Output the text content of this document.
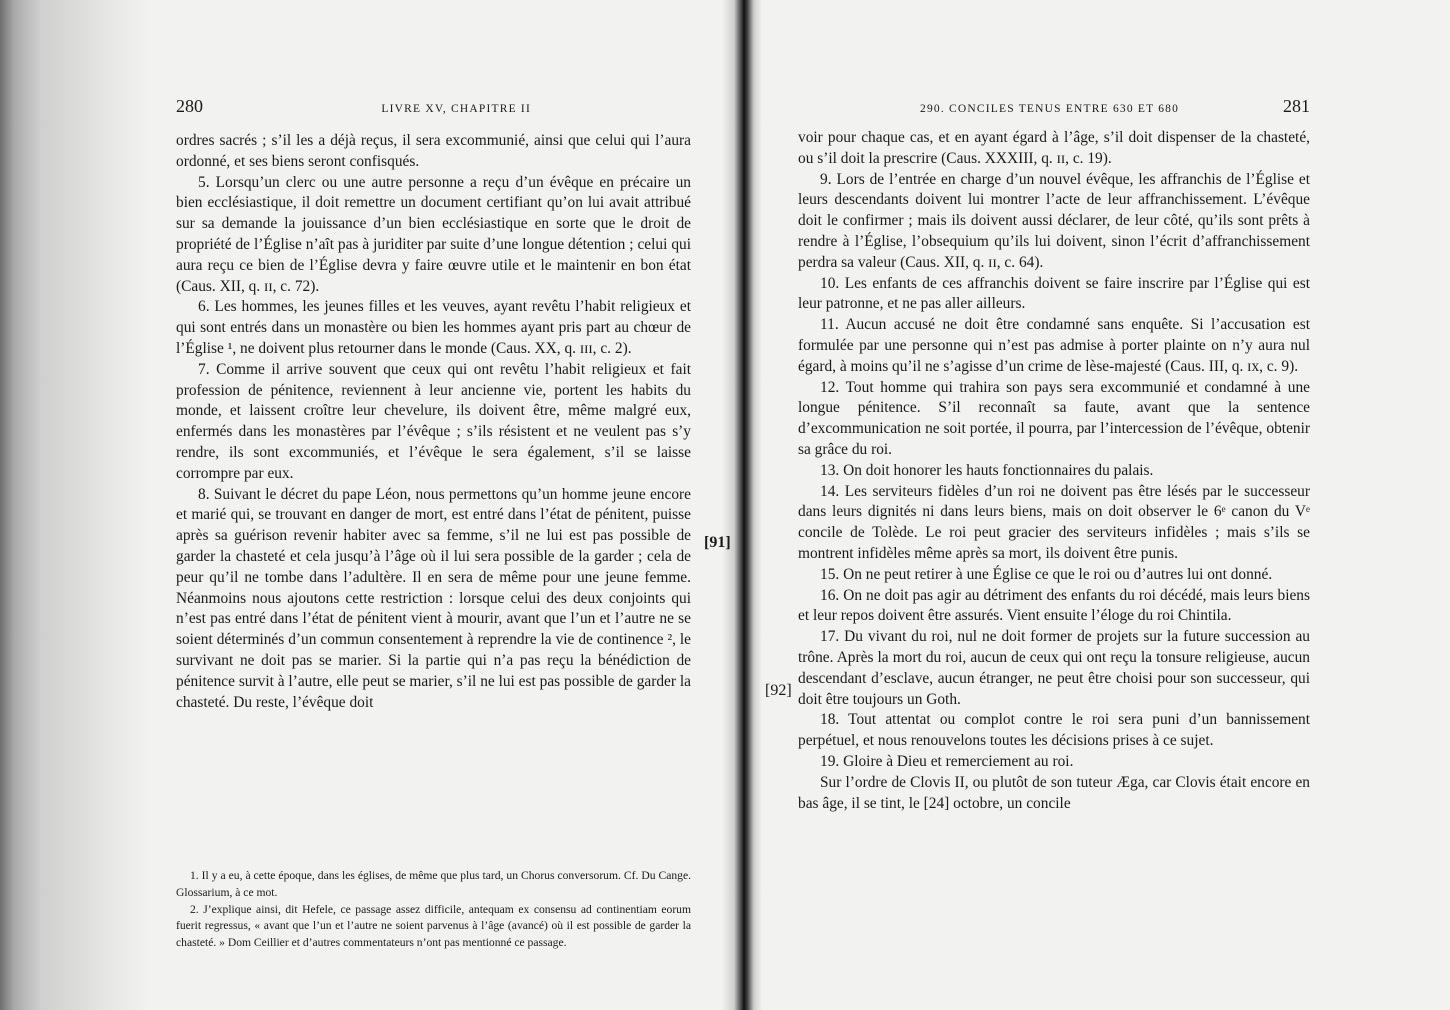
280	LIVRE XV, CHAPITRE II

ordres sacrés ; s’il les a déjà reçus, il sera excommunié, ainsi que celui qui l’aura ordonné, et ses biens seront confisqués.

5. Lorsqu’un clerc ou une autre personne a reçu d’un évêque en précaire un bien ecclésiastique, il doit remettre un document certifiant qu’on lui avait attribué sur sa demande la jouissance d’un bien ecclésiastique en sorte que le droit de propriété de l’Église n’aît pas à juriditer par suite d’une longue détention ; celui qui aura reçu ce bien de l’Église devra y faire œuvre utile et le maintenir en bon état (Caus. XII, q. ɪɪ, c. 72).

6. Les hommes, les jeunes filles et les veuves, ayant revêtu l’habit religieux et qui sont entrés dans un monastère ou bien les hommes ayant pris part au chœur de l’Église ¹, ne doivent plus retourner dans le monde (Caus. XX, q. ɪɪɪ, c. 2).

7. Comme il arrive souvent que ceux qui ont revêtu l’habit religieux et fait profession de pénitence, reviennent à leur ancienne vie, portent les habits du monde, et laissent croître leur chevelure, ils doivent être, même malgré eux, enfermés dans les monastères par l’évêque ; s’ils résistent et ne veulent pas s’y rendre, ils sont excommuniés, et l’évêque le sera également, s’il se laisse corrompre par eux.

8. Suivant le décret du pape Léon, nous permettons qu’un homme jeune encore et marié qui, se trouvant en danger de mort, est entré dans l’état de pénitent, puisse après sa guérison revenir habiter avec sa femme, s’il ne lui est pas possible de garder la chasteté et cela jusqu’à l’âge où il lui sera possible de la garder ; cela de peur qu’il ne tombe dans l’adultère. Il en sera de même pour une jeune femme. Néanmoins nous ajoutons cette restriction : lorsque celui des deux conjoints qui n’est pas entré dans l’état de pénitent vient à mourir, avant que l’un et l’autre ne se soient déterminés d’un commun consentement à reprendre la vie de continence ², le survivant ne doit pas se marier. Si la partie qui n’a pas reçu la bénédiction de pénitence survit à l’autre, elle peut se marier, s’il ne lui est pas possible de garder la chasteté. Du reste, l’évêque doit

1. Il y a eu, à cette époque, dans les églises, de même que plus tard, un Chorus conversorum. Cf. Du Cange. Glossarium, à ce mot.

2. J’explique ainsi, dit Hefele, ce passage assez difficile, antequam ex consensu ad continentiam eorum fuerit regressus, « avant que l’un et l’autre ne soient parvenus à l’âge (avancé) où il est possible de garder la chasteté. » Dom Ceillier et d’autres commentateurs n’ont pas mentionné ce passage.

[91]
[92]
290. CONCILES TENUS ENTRE 630 ET 680	281

voir pour chaque cas, et en ayant égard à l’âge, s’il doit dispenser de la chasteté, ou s’il doit la prescrire (Caus. XXXIII, q. ɪɪ, c. 19).

9. Lors de l’entrée en charge d’un nouvel évêque, les affranchis de l’Église et leurs descendants doivent lui montrer l’acte de leur affranchissement. L’évêque doit le confirmer ; mais ils doivent aussi déclarer, de leur côté, qu’ils sont prêts à rendre à l’Église, l’obsequium qu’ils lui doivent, sinon l’écrit d’affranchissement perdra sa valeur (Caus. XII, q. ɪɪ, c. 64).

10. Les enfants de ces affranchis doivent se faire inscrire par l’Église qui est leur patronne, et ne pas aller ailleurs.

11. Aucun accusé ne doit être condamné sans enquête. Si l’accusation est formulée par une personne qui n’est pas admise à porter plainte on n’y aura nul égard, à moins qu’il ne s’agisse d’un crime de lèse-majesté (Caus. III, q. ɪx, c. 9).

12. Tout homme qui trahira son pays sera excommunié et condamné à une longue pénitence. S’il reconnaît sa faute, avant que la sentence d’excommunication ne soit portée, il pourra, par l’intercession de l’évêque, obtenir sa grâce du roi.

13. On doit honorer les hauts fonctionnaires du palais.

14. Les serviteurs fidèles d’un roi ne doivent pas être lésés par le successeur dans leurs dignités ni dans leurs biens, mais on doit observer le 6ᵉ canon du Vᵉ concile de Tolède. Le roi peut gracier des serviteurs infidèles ; mais s’ils se montrent infidèles même après sa mort, ils doivent être punis.

15. On ne peut retirer à une Église ce que le roi ou d’autres lui ont donné.

16. On ne doit pas agir au détriment des enfants du roi décédé, mais leurs biens et leur repos doivent être assurés. Vient ensuite l’éloge du roi Chintila.

17. Du vivant du roi, nul ne doit former de projets sur la future succession au trône. Après la mort du roi, aucun de ceux qui ont reçu la tonsure religieuse, aucun descendant d’esclave, aucun étranger, ne peut être choisi pour son successeur, qui doit être toujours un Goth.

18. Tout attentat ou complot contre le roi sera puni d’un bannissement perpétuel, et nous renouvelons toutes les décisions prises à ce sujet.

19. Gloire à Dieu et remerciement au roi.

Sur l’ordre de Clovis II, ou plutôt de son tuteur Æga, car Clovis était encore en bas âge, il se tint, le [24] octobre, un concile
